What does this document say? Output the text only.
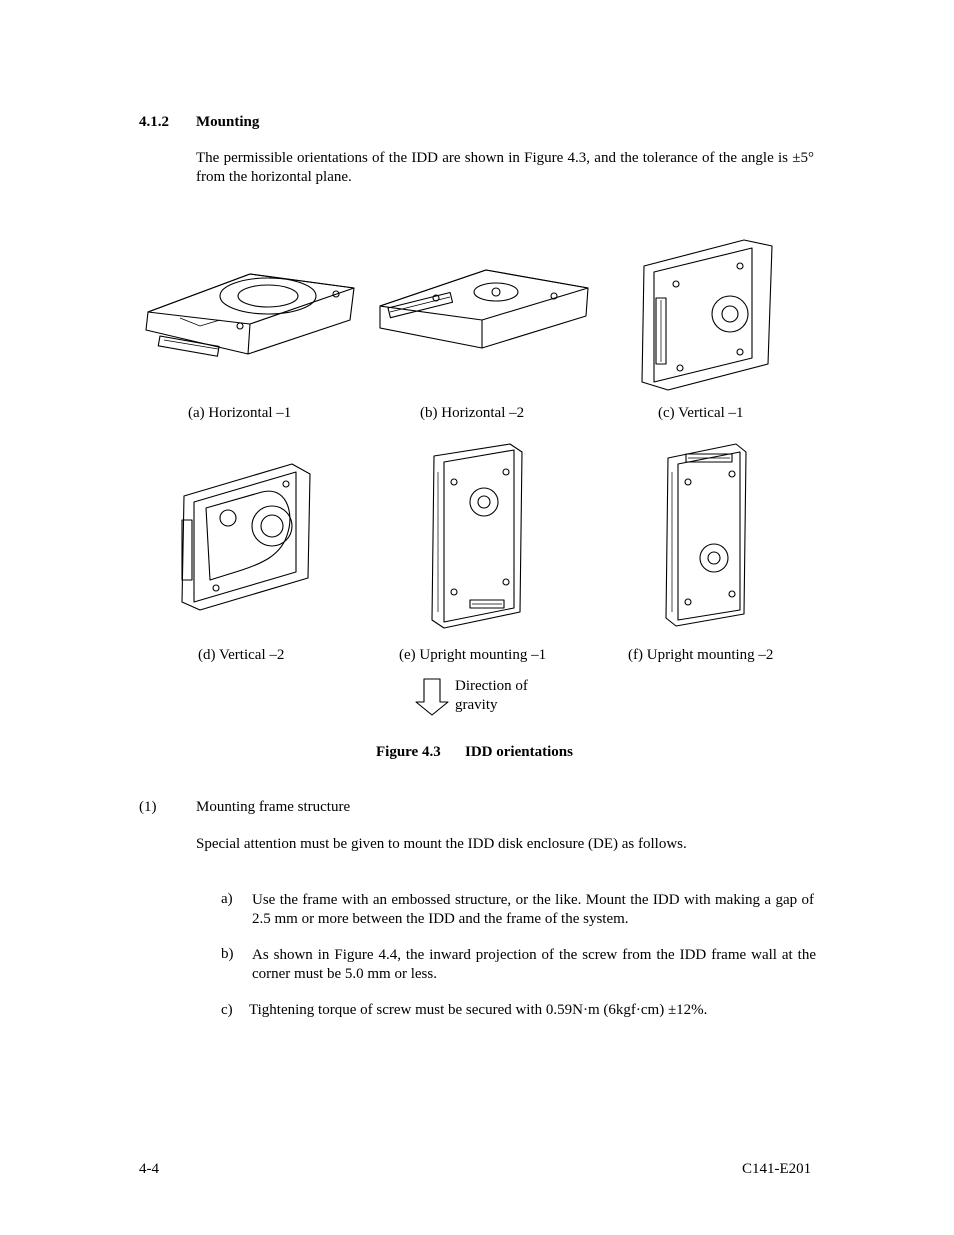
4.1.2 Mounting
The permissible orientations of the IDD are shown in Figure 4.3, and the tolerance of the angle is ±5° from the horizontal plane.
(a) Horizontal –1	(b) Horizontal –2	(c) Vertical –1
(d) Vertical –2	(e) Upright mounting –1	(f) Upright mounting –2
Direction of
gravity
Figure 4.3 IDD orientations
(1)	Mounting frame structure
Special attention must be given to mount the IDD disk enclosure (DE) as follows.
a) Use the frame with an embossed structure, or the like. Mount the IDD with making a gap of 2.5 mm or more between the IDD and the frame of the system.
b) As shown in Figure 4.4, the inward projection of the screw from the IDD frame wall at the corner must be 5.0 mm or less.
c) Tightening torque of screw must be secured with 0.59N·m (6kgf·cm) ±12%.
4-4	C141-E201
